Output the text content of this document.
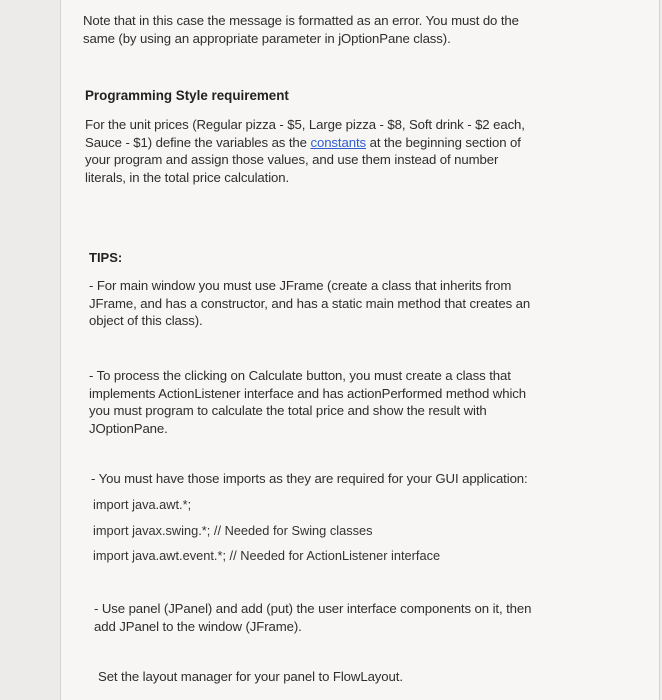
Note that in this case the message is formatted as an error. You must do the
same (by using an appropriate parameter in jOptionPane class).
Programming Style requirement
For the unit prices (Regular pizza - $5, Large pizza - $8, Soft drink - $2 each,
Sauce - $1) define the variables as the constants at the beginning section of
your program and assign those values, and use them instead of number
literals, in the total price calculation.
TIPS:
- For main window you must use JFrame (create a class that inherits from
JFrame, and has a constructor, and has a static main method that creates an
object of this class).
- To process the clicking on Calculate button, you must create a class that
implements ActionListener interface and has actionPerformed method which
you must program to calculate the total price and show the result with
JOptionPane.
- You must have those imports as they are required for your GUI application:
import java.awt.*;
import javax.swing.*; // Needed for Swing classes
import java.awt.event.*; // Needed for ActionListener interface
- Use panel (JPanel) and add (put) the user interface components on it, then
add JPanel to the window (JFrame).
Set the layout manager for your panel to FlowLayout.
